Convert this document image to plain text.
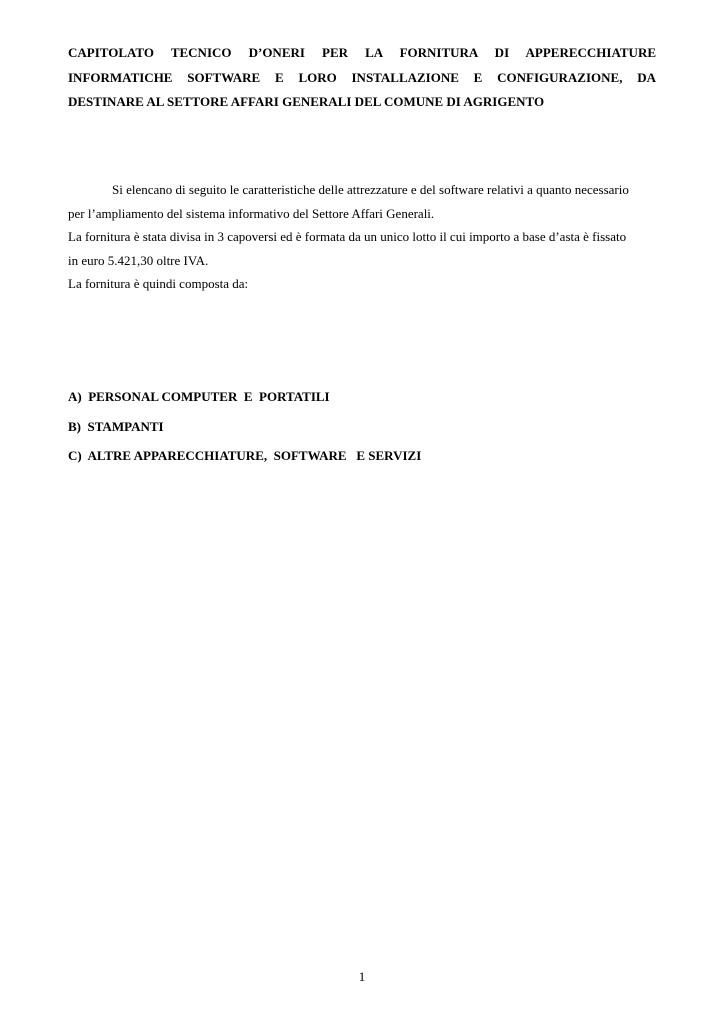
CAPITOLATO TECNICO D’ONERI PER LA FORNITURA DI APPERECCHIATURE
INFORMATICHE SOFTWARE E LORO INSTALLAZIONE E CONFIGURAZIONE, DA
DESTINARE AL SETTORE AFFARI GENERALI DEL COMUNE DI AGRIGENTO
Si elencano di seguito le caratteristiche delle attrezzature e del software relativi a quanto necessario
per l’ampliamento del sistema informativo del Settore Affari Generali.
La fornitura è stata divisa in 3 capoversi ed è formata da un unico lotto il cui importo a base d’asta è fissato
in euro 5.421,30 oltre IVA.
La fornitura è quindi composta da:
A)  PERSONAL COMPUTER  E  PORTATILI
B)  STAMPANTI
C)  ALTRE APPARECCHIATURE,  SOFTWARE   E SERVIZI
1
